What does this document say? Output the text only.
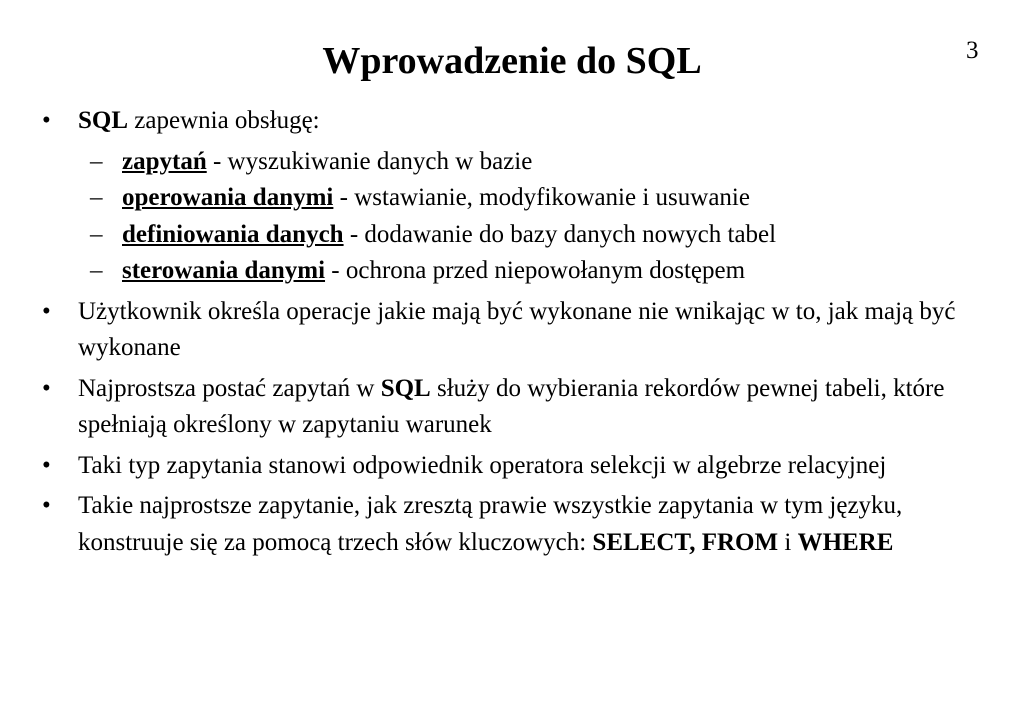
Wprowadzenie do SQL	3
• SQL zapewnia obsługę:
– zapytań - wyszukiwanie danych w bazie
– operowania danymi - wstawianie, modyfikowanie i usuwanie
– definiowania danych - dodawanie do bazy danych nowych tabel
– sterowania danymi - ochrona przed niepowołanym dostępem
• Użytkownik określa operacje jakie mają być wykonane nie wnikając w to, jak mają być wykonane
• Najprostsza postać zapytań w SQL służy do wybierania rekordów pewnej tabeli, które spełniają określony w zapytaniu warunek
• Taki typ zapytania stanowi odpowiednik operatora selekcji w algebrze relacyjnej
• Takie najprostsze zapytanie, jak zresztą prawie wszystkie zapytania w tym języku, konstruuje się za pomocą trzech słów kluczowych: SELECT, FROM i WHERE
